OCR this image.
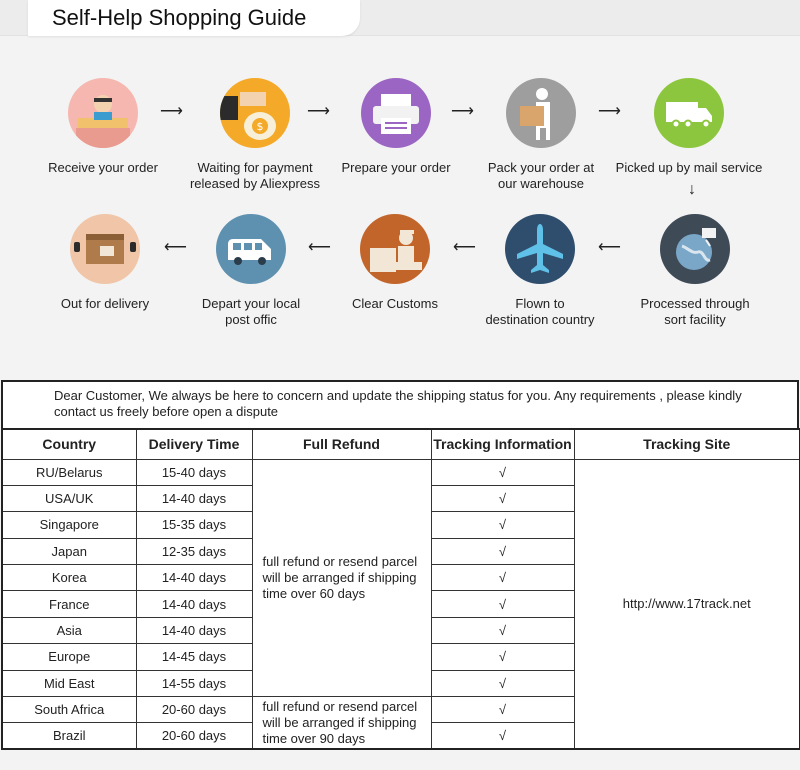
Self-Help Shopping Guide
Receive your order
⟶
$
Waiting for payment
released by Aliexpress
⟶
Prepare your order
⟶
Pack your order at
our warehouse
⟶
Picked up by mail service
↓
Processed through
sort facility
⟵
Flown to
destination country
⟵
Clear Customs
⟵
Depart your local
post offic
⟵
Out for delivery

Dear Customer, We always be here to concern and update the shipping status for you. Any requirements , please kindly contact us freely before open a dispute

Country	Delivery Time	Full Refund	Tracking Information	Tracking Site
RU/Belarus	15-40 days	full refund or resend parcel will be arranged if shipping time over 60 days	√	http://www.17track.net
USA/UK	14-40 days		√	
Singapore	15-35 days		√	
Japan	12-35 days		√	
Korea	14-40 days		√	
France	14-40 days		√	
Asia	14-40 days		√	
Europe	14-45 days		√	
Mid East	14-55 days		√	
South Africa	20-60 days	full refund or resend parcel will be arranged if shipping time over 90 days	√	
Brazil	20-60 days		√	
